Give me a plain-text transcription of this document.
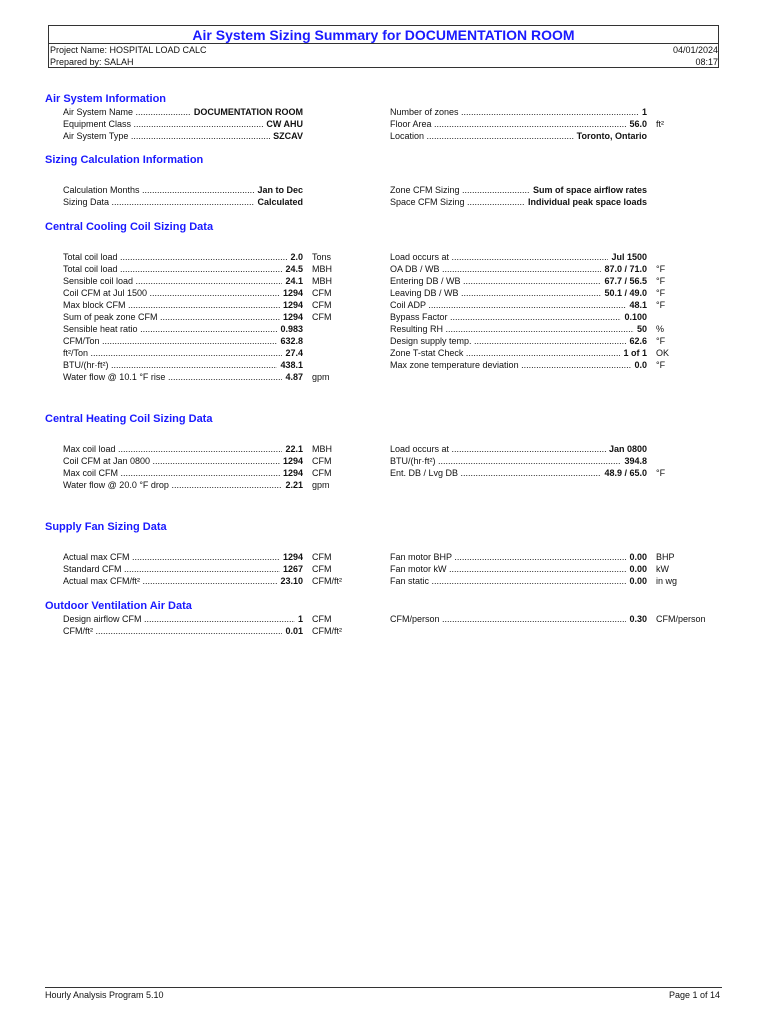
Air System Sizing Summary for DOCUMENTATION ROOM
Project Name: HOSPITAL LOAD CALC
Prepared by: SALAH
04/01/2024
08:17
Air System Information
Sizing Calculation Information
Central Cooling Coil Sizing Data
Central Heating Coil Sizing Data
Supply Fan Sizing Data
Outdoor Ventilation Air Data
Air System Name .....	DOCUMENTATION ROOM
Equipment Class .....	CW AHU
Air System Type .....	SZCAV
Number of zones .....	1
Floor Area .....	56.0 ft²
Location .....	Toronto, Ontario
Calculation Months .....	Jan to Dec
Sizing Data .....	Calculated
Zone CFM Sizing .....	Sum of space airflow rates
Space CFM Sizing .....	Individual peak space loads
Total coil load .....	2.0 Tons
Total coil load .....	24.5 MBH
Sensible coil load .....	24.1 MBH
Coil CFM at Jul 1500 .....	1294 CFM
Max block CFM .....	1294 CFM
Sum of peak zone CFM .....	1294 CFM
Sensible heat ratio .....	0.983
CFM/Ton .....	632.8
ft²/Ton .....	27.4
BTU/(hr·ft²) .....	438.1
Water flow @ 10.1 °F rise .....	4.87 gpm
Load occurs at .....	Jul 1500
OA DB / WB .....	87.0 / 71.0 °F
Entering DB / WB .....	67.7 / 56.5 °F
Leaving DB / WB .....	50.1 / 49.0 °F
Coil ADP .....	48.1 °F
Bypass Factor .....	0.100
Resulting RH .....	50 %
Design supply temp. .....	62.6 °F
Zone T-stat Check .....	1 of 1 OK
Max zone temperature deviation .....	0.0 °F
Max coil load .....	22.1 MBH
Coil CFM at Jan 0800 .....	1294 CFM
Max coil CFM .....	1294 CFM
Water flow @ 20.0 °F drop .....	2.21 gpm
Load occurs at .....	Jan 0800
BTU/(hr·ft²) .....	394.8
Ent. DB / Lvg DB .....	48.9 / 65.0 °F
Actual max CFM .....	1294 CFM
Standard CFM .....	1267 CFM
Actual max CFM/ft² .....	23.10 CFM/ft²
Fan motor BHP .....	0.00 BHP
Fan motor kW .....	0.00 kW
Fan static .....	0.00 in wg
Design airflow CFM .....	1 CFM
CFM/ft² .....	0.01 CFM/ft²
CFM/person .....	0.30 CFM/person
Hourly Analysis Program 5.10	Page 1 of 14
